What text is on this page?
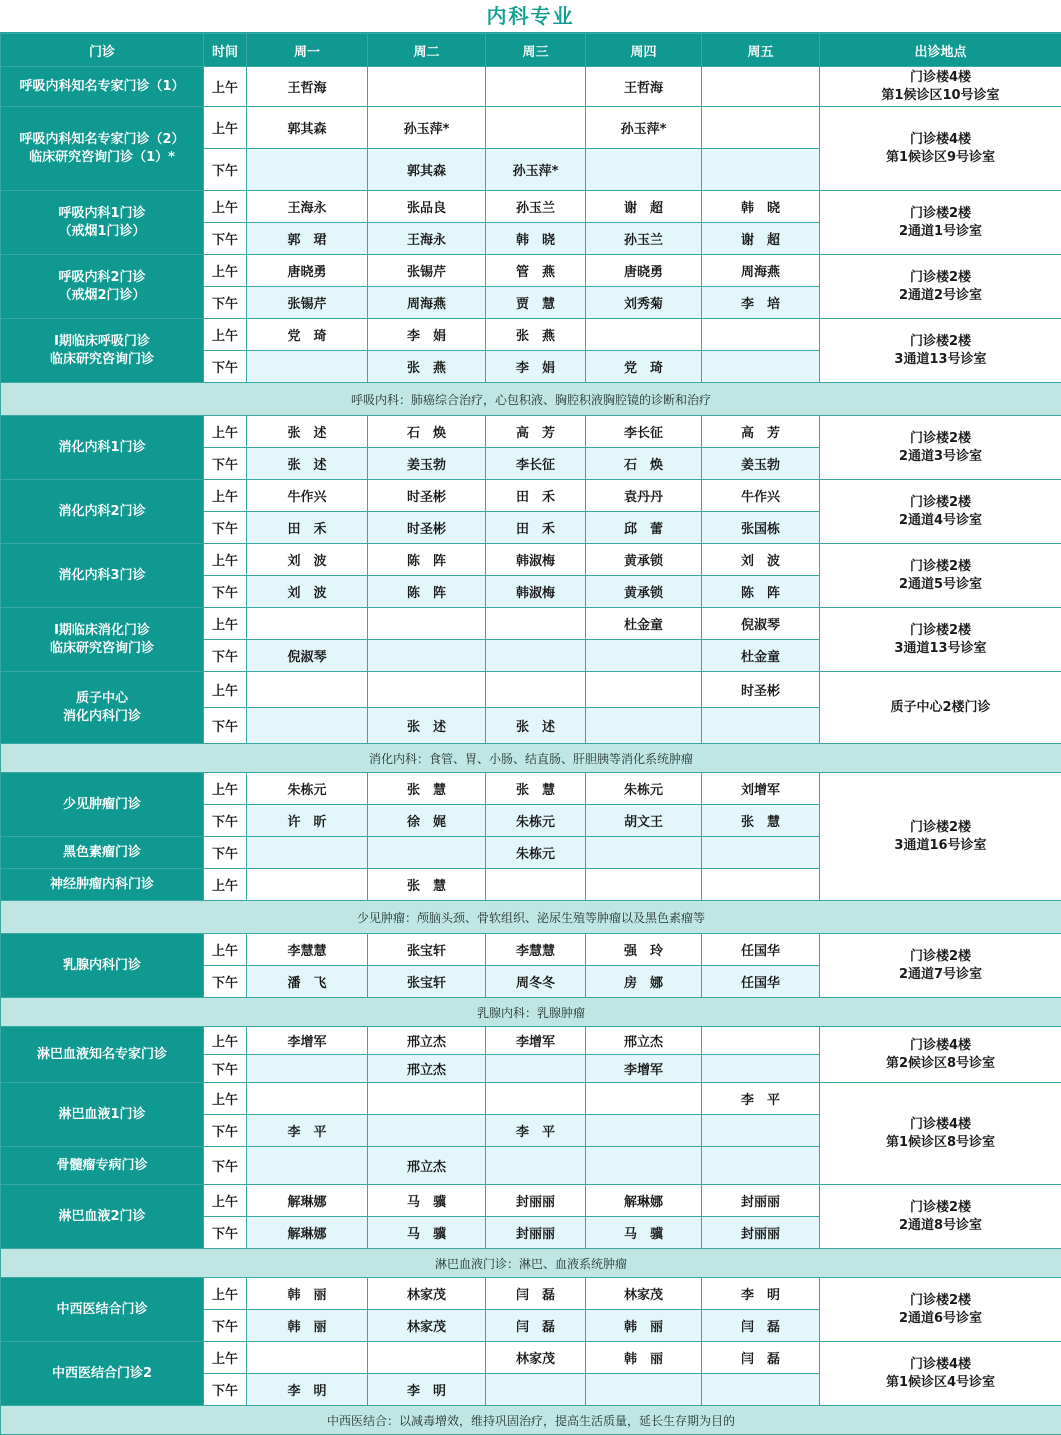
内科专业
门诊	时间	周一	周二	周三	周四	周五	出诊地点

呼吸内科知名专家门诊（1）	上午	王哲海			王哲海		门诊楼4楼
第1候诊区10号诊室

呼吸内科知名专家门诊（2）
临床研究咨询门诊（1）*	上午	郭其森	孙玉萍*		孙玉萍*		门诊楼4楼
第1候诊区9号诊室

	下午		郭其森	孙玉萍*			

呼吸内科1门诊
（戒烟1门诊）	上午	王海永	张品良	孙玉兰	谢　超	韩　晓	门诊楼2楼
2通道1号诊室

	下午	郭　珺	王海永	韩　晓	孙玉兰	谢　超	

呼吸内科2门诊
（戒烟2门诊）	上午	唐晓勇	张锡芹	管　燕	唐晓勇	周海燕	门诊楼2楼
2通道2号诊室

	下午	张锡芹	周海燕	贾　慧	刘秀菊	李　培	

Ⅰ期临床呼吸门诊
临床研究咨询门诊	上午	党　琦	李　娟	张　燕			门诊楼2楼
3通道13号诊室

	下午		张　燕	李　娟	党　琦		
呼吸内科：肺癌综合治疗，心包积液、胸腔积液胸腔镜的诊断和治疗							

消化内科1门诊	上午	张　述	石　焕	高　芳	李长征	高　芳	门诊楼2楼
2通道3号诊室

	下午	张　述	姜玉勃	李长征	石　焕	姜玉勃	

消化内科2门诊	上午	牛作兴	时圣彬	田　禾	袁丹丹	牛作兴	门诊楼2楼
2通道4号诊室

	下午	田　禾	时圣彬	田　禾	邱　蕾	张国栋	

消化内科3门诊	上午	刘　波	陈　阵	韩淑梅	黄承锁	刘　波	门诊楼2楼
2通道5号诊室

	下午	刘　波	陈　阵	韩淑梅	黄承锁	陈　阵	

Ⅰ期临床消化门诊
临床研究咨询门诊	上午				杜金童	倪淑琴	门诊楼2楼
3通道13号诊室

	下午	倪淑琴				杜金童	

质子中心
消化内科门诊	上午					时圣彬	质子中心2楼门诊

	下午		张　述	张　述			
消化内科：食管、胃、小肠、结直肠、肝胆胰等消化系统肿瘤							

少见肿瘤门诊	上午	朱栋元	张　慧	张　慧	朱栋元	刘增军	门诊楼2楼
3通道16号诊室

	下午	许　昕	徐　娓	朱栋元	胡文王	张　慧	

黑色素瘤门诊	下午			朱栋元			

神经肿瘤内科门诊	上午		张　慧				
少见肿瘤：颅脑头颈、骨软组织、泌尿生殖等肿瘤以及黑色素瘤等							

乳腺内科门诊	上午	李慧慧	张宝轩	李慧慧	强　玲	任国华	门诊楼2楼
2通道7号诊室

	下午	潘　飞	张宝轩	周冬冬	房　娜	任国华	
乳腺内科：乳腺肿瘤							

淋巴血液知名专家门诊	上午	李增军	邢立杰	李增军	邢立杰		门诊楼4楼
第2候诊区8号诊室

	下午		邢立杰		李增军		

淋巴血液1门诊	上午					李　平	门诊楼4楼
第1候诊区8号诊室

	下午	李　平		李　平			

骨髓瘤专病门诊	下午		邢立杰				

淋巴血液2门诊	上午	解琳娜	马　骥	封丽丽	解琳娜	封丽丽	门诊楼2楼
2通道8号诊室

	下午	解琳娜	马　骥	封丽丽	马　骥	封丽丽	
淋巴血液门诊：淋巴、血液系统肿瘤							

中西医结合门诊	上午	韩　丽	林家茂	闫　磊	林家茂	李　明	门诊楼2楼
2通道6号诊室

	下午	韩　丽	林家茂	闫　磊	韩　丽	闫　磊	

中西医结合门诊2	上午			林家茂	韩　丽	闫　磊	门诊楼4楼
第1候诊区4号诊室

	下午	李　明	李　明				
中西医结合：以减毒增效，维持巩固治疗，提高生活质量，延长生存期为目的							
